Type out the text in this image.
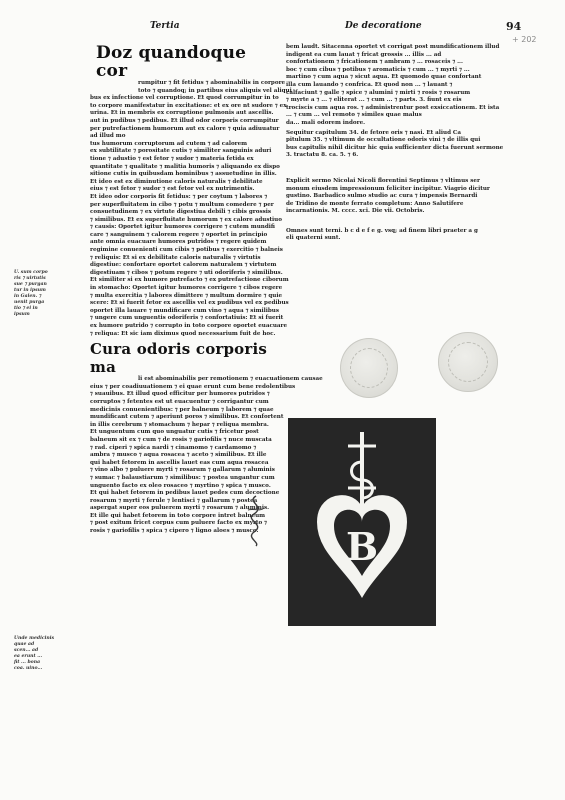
Tertia	De decoratione	94
+ 202
Doz quandoque cor
rumpitur ⁊ fit fetidus ⁊ abominabilis in corpore
toto ⁊ quandoq; in partibus eius aliquis vel aliqui
bus ex infectione vel corruptione. Et quod corrumpitur in to
to corpore manifestatur in excitatione: et ex ore nt sudore ⁊ ex
urina. Et in membris ex corruptione pulmonis aut ascellis.
aut in pudibus ⁊ pedibus. Et illud odor corporis corrumpitur
per putrefactionem humorum aut ex calore ⁊ quia adiuuatur
ad illud mo
tus humorum corruptorum ad cutem ⁊ ad calorem
ex subtilitate ⁊ porositate cutis ⁊ similiter sanguinis aduri
tione ⁊ adustio ⁊ est fetor ⁊ sudor ⁊ materia fetida ex
quantitate ⁊ qualitate ⁊ malitia humoris ⁊ aliquando ex dispo
sitione cutis in quibusdam hominibus ⁊ assuetudine in illis.
Et ideo est ex diminutione caloris naturalis ⁊ debilitate
eius ⁊ est fetor ⁊ sudor ⁊ est fetor vel ex nutrimentis.
Et ideo odor corporis fit fetidus: ⁊ per coytum ⁊ labores ⁊
per superfluitatem in cibo ⁊ potu ⁊ multum comedere ⁊ per
consuetudinem ⁊ ex virtute digestiua debili ⁊ cibis grossis
⁊ similibus. Et ex superfluitate humorum ⁊ ex calore adustiuo
⁊ causis: Oportet igitur humores corrigere ⁊ cutem mundifi
care ⁊ sanguinem ⁊ calorem regere ⁊ oportet in principio
ante omnia euacuare humores putridos ⁊ regere quidem
regimine conuenienti cum cibis ⁊ potibus ⁊ exercitio ⁊ balneis
⁊ reliquis: Et si ex debilitate caloris naturalis ⁊ virtutis
digestiue: confortare oportet calorem naturalem ⁊ virtutem
digestiuam ⁊ cibos ⁊ potum regere ⁊ uti odoriferis ⁊ similibus.
Et similiter si ex humore putrefacto ⁊ ex putrefactione ciborum
in stomacho: Oportet igitur humores corrigere ⁊ cibos regere
⁊ multa exercitia ⁊ labores dimittere ⁊ multum dormire ⁊ quie
scere: Et si fuerit fetor ex ascellis vel ex pudibus vel ex pedibus
oportet illa lauare ⁊ mundificare cum vino ⁊ aqua ⁊ similibus
⁊ ungere cum unguentis odoriferis ⁊ confortatiuis: Et si fuerit
ex humore putrido ⁊ corrupto in toto corpore oportet euacuare
⁊ reliqua: Et sic iam diximus quod necessarium fuit de hoc.
Cura odoris corporis ma
li est abominabilis per remotionem ⁊ euacuationem causae
eius ⁊ per coadiuuationem ⁊ ei quae erunt cum bene redolentibus
⁊ suauibus. Et illud quod efficitur per humores putridos ⁊
corruptos ⁊ fetentes est ut euacuentur ⁊ corrigantur cum
medicinis conuenientibus: ⁊ per balneum ⁊ laborem ⁊ quae
mundificant cutem ⁊ aperiunt poros ⁊ similibus. Et confortent
in illis cerebrum ⁊ stomachum ⁊ hepar ⁊ reliqua membra.
Et unguentum cum quo unguatur cutis ⁊ fricetur post
balneum sit ex ⁊ cum ⁊ de rosis ⁊ gariofilis ⁊ nuce muscata
⁊ rad. ciperi ⁊ spica nardi ⁊ cinamomo ⁊ cardamomo ⁊
ambra ⁊ musco ⁊ aqua rosacea ⁊ aceto ⁊ similibus. Et ille
qui habet fetorem in ascellis lauet eas cum aqua rosacea
⁊ vino albo ⁊ puluere myrti ⁊ rosarum ⁊ gallarum ⁊ aluminis
⁊ sumac ⁊ balaustiarum ⁊ similibus: ⁊ postea ungantur cum
unguento facto ex oleo rosaceo ⁊ myrtino ⁊ spica ⁊ musco.
Et qui habet fetorem in pedibus lauet pedes cum decoctione
rosarum ⁊ myrti ⁊ ferule ⁊ lentisci ⁊ gallarum ⁊ postea
aspergat super eos puluerem myrti ⁊ rosarum ⁊ aluminis.
Et ille qui habet fetorem in toto corpore intret balneum
⁊ post exitum fricet corpus cum puluere facto ex myrto ⁊
rosis ⁊ gariofilis ⁊ spica ⁊ cipero ⁊ ligno aloes ⁊ musco.
bem laudt. Sitacenna oportet vt corrigat post mundificationem illud
indigent ea cum lauat ⁊ fricat grossis ... illis ... ad
confortationem ⁊ fricationem ⁊ ambram ⁊ ... rosaceis ⁊ ...
boc ⁊ cum cibus ⁊ potibus ⁊ aromaticis ⁊ cum ... ⁊ myrti ⁊ ...
martino ⁊ cum aqua ⁊ sicut aqua. Et quomodo quae confortant
illa cum lauando ⁊ confrica. Et quod non ... ⁊ lauant ⁊
calfaciunt ⁊ galle ⁊ spice ⁊ alumini ⁊ mirti ⁊ rosis ⁊ rosarum
⁊ myrte a ⁊ ... ⁊ eliterat ... ⁊ cum ... ⁊ parts. 3. fiunt ex eis
trociscis cum aqua ros. ⁊ administrentur post exsiccationem. Et ista
... ⁊ cum ... vel remoto ⁊ similes quae malus
da... mali odorem indore.
Sequitur capitulum 34. de fetore oris ⁊ nasi. Et aliud Ca
pitulum 35. ⁊ vltimum de occultatione odoris vini ⁊ de illis qui
bus capitulis nihil dicitur hic quia sufficienter dicta fuerunt sermone
3. tractatu 8. ca. 5. ⁊ 6.
Explicit sermo Nicolai Nicoli florentini Septimus ⁊ vltimus ser
monum eiusdem impressionum feliciter incipitur. Viagrio dicitur
gustino. Barbadico sulmo studio ac cura ⁊ impensis Bernardi
de Tridino de monte ferrato completum: Anno Salutifere
incarnationis. M. cccc. xci. Die vii. Octobris.
Omnes sunt terni. b c d e f e g. vsq; ad finem libri praeter a g
eli quaterni sunt.
U. sum corpo
ris ⁊ uirtutis
sue ⁊ purgan
tur in ipsum
in Galen. ⁊
uenit purga
tio ⁊ ei in
ipsum
Unde medicinis
quae ad
scen... ad
ea erunt ...
fit ... bona
coa. uino...
B
